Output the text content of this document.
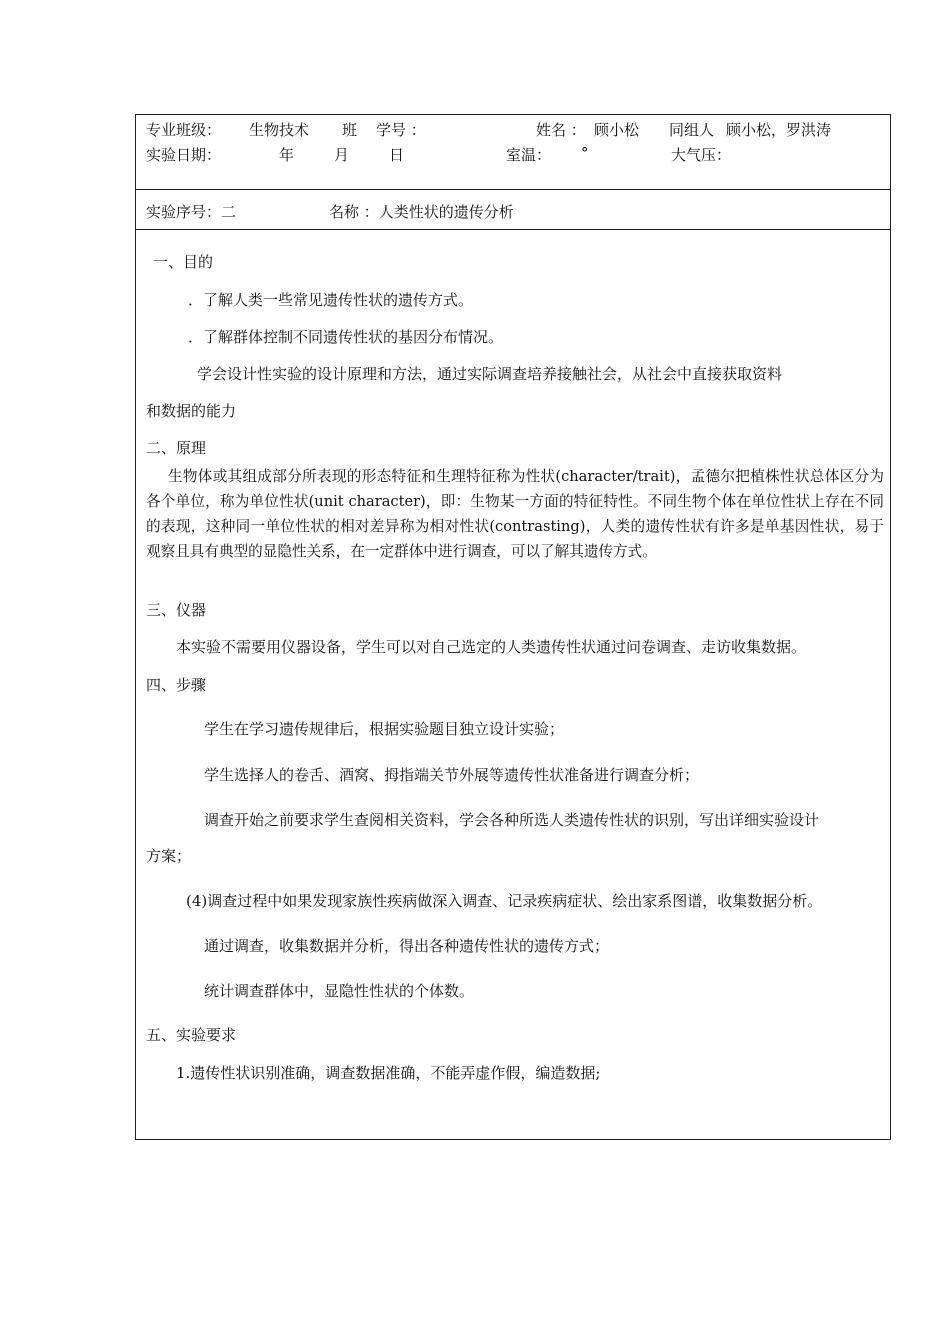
专业班级： 生物技术 班 学号 ：	姓名 ： 顾小松 同组人 顾小松，罗洪涛
实验日期：	年	月	日	室温： °	大气压：
实验序号：二	名称 ：人类性状的遗传分析
一、目的
．了解人类一些常见遗传性状的遗传方式。
．了解群体控制不同遗传性状的基因分布情况。
学会设计性实验的设计原理和方法，通过实际调查培养接触社会，从社会中直接获取资料
和数据的能力
二、原理
生物体或其组成部分所表现的形态特征和生理特征称为性状(character/trait)，孟德尔把植株性状总体区分为各个单位，称为单位性状(unit character)，即：生物某一方面的特征特性。不同生物个体在单位性状上存在不同的表现，这种同一单位性状的相对差异称为相对性状(contrasting)，人类的遗传性状有许多是单基因性状，易于观察且具有典型的显隐性关系，在一定群体中进行调查，可以了解其遗传方式。
三、仪器
本实验不需要用仪器设备，学生可以对自己选定的人类遗传性状通过问卷调查、走访收集数据。
四、步骤
学生在学习遗传规律后，根据实验题目独立设计实验；
学生选择人的卷舌、酒窝、拇指端关节外展等遗传性状准备进行调查分析；
调查开始之前要求学生查阅相关资料，学会各种所选人类遗传性状的识别，写出详细实验设计
方案；
(4)调查过程中如果发现家族性疾病做深入调查、记录疾病症状、绘出家系图谱，收集数据分析。
通过调查，收集数据并分析，得出各种遗传性状的遗传方式；
统计调查群体中，显隐性性状的个体数。
五、实验要求
1.遗传性状识别准确，调查数据准确，不能弄虚作假，编造数据;
